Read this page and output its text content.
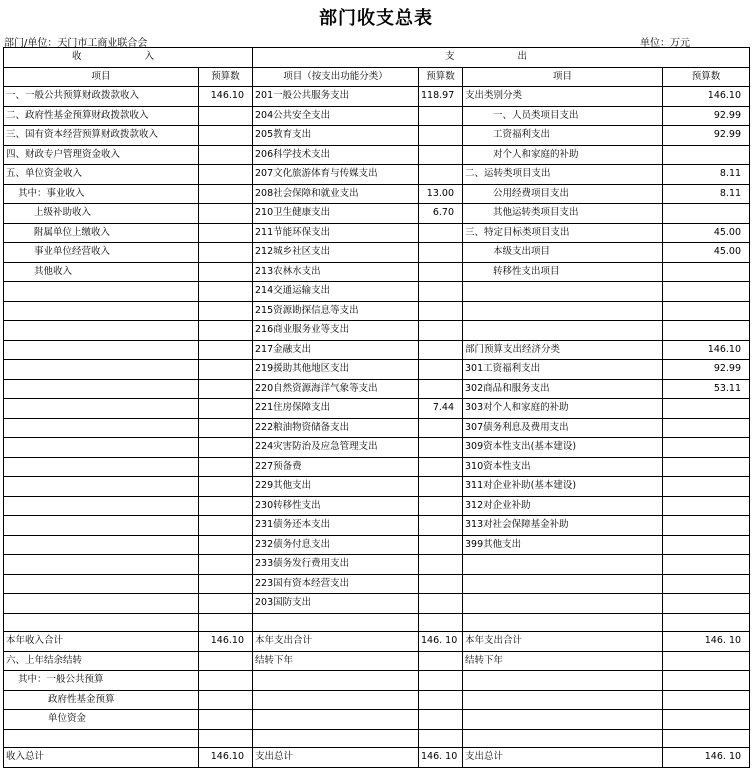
部门收支总表
部门/单位：天门市工商业联合会	单位：万元
收 入		支 出			
项目	预算数	项目（按支出功能分类）	预算数	项目	预算数
一、一般公共预算财政拨款收入	146.10	201一般公共服务支出	118.97	支出类别分类	146.10
二、政府性基金预算财政拨款收入		204公共安全支出		一、人员类项目支出	92.99
三、国有资本经营预算财政拨款收入		205教育支出		工资福利支出	92.99
四、财政专户管理资金收入		206科学技术支出		对个人和家庭的补助	
五、单位资金收入		207文化旅游体育与传媒支出		二、运转类项目支出	8.11
其中：事业收入		208社会保障和就业支出	13.00	公用经费项目支出	8.11
上级补助收入		210卫生健康支出	6.70	其他运转类项目支出	
附属单位上缴收入		211节能环保支出		三、特定目标类项目支出	45.00
事业单位经营收入		212城乡社区支出		本级支出项目	45.00
其他收入		213农林水支出		转移性支出项目	
		214交通运输支出			
		215资源勘探信息等支出			
		216商业服务业等支出			
		217金融支出		部门预算支出经济分类	146.10
		219援助其他地区支出		301工资福利支出	92.99
		220自然资源海洋气象等支出		302商品和服务支出	53.11
		221住房保障支出	7.44	303对个人和家庭的补助	
		222粮油物资储备支出		307债务利息及费用支出	
		224灾害防治及应急管理支出		309资本性支出(基本建设)	
		227预备费		310资本性支出	
		229其他支出		311对企业补助(基本建设)	
		230转移性支出		312对企业补助	
		231债务还本支出		313对社会保障基金补助	
		232债务付息支出		399其他支出	
		233债务发行费用支出			
		223国有资本经营支出			
		203国防支出			

本年收入合计	146.10	本年支出合计	146. 10	本年支出合计	146. 10
六、上年结余结转		结转下年		结转下年	
其中：一般公共预算					
政府性基金预算					
单位资金					

收入总计	146.10	支出总计	146. 10	支出总计	146. 10
